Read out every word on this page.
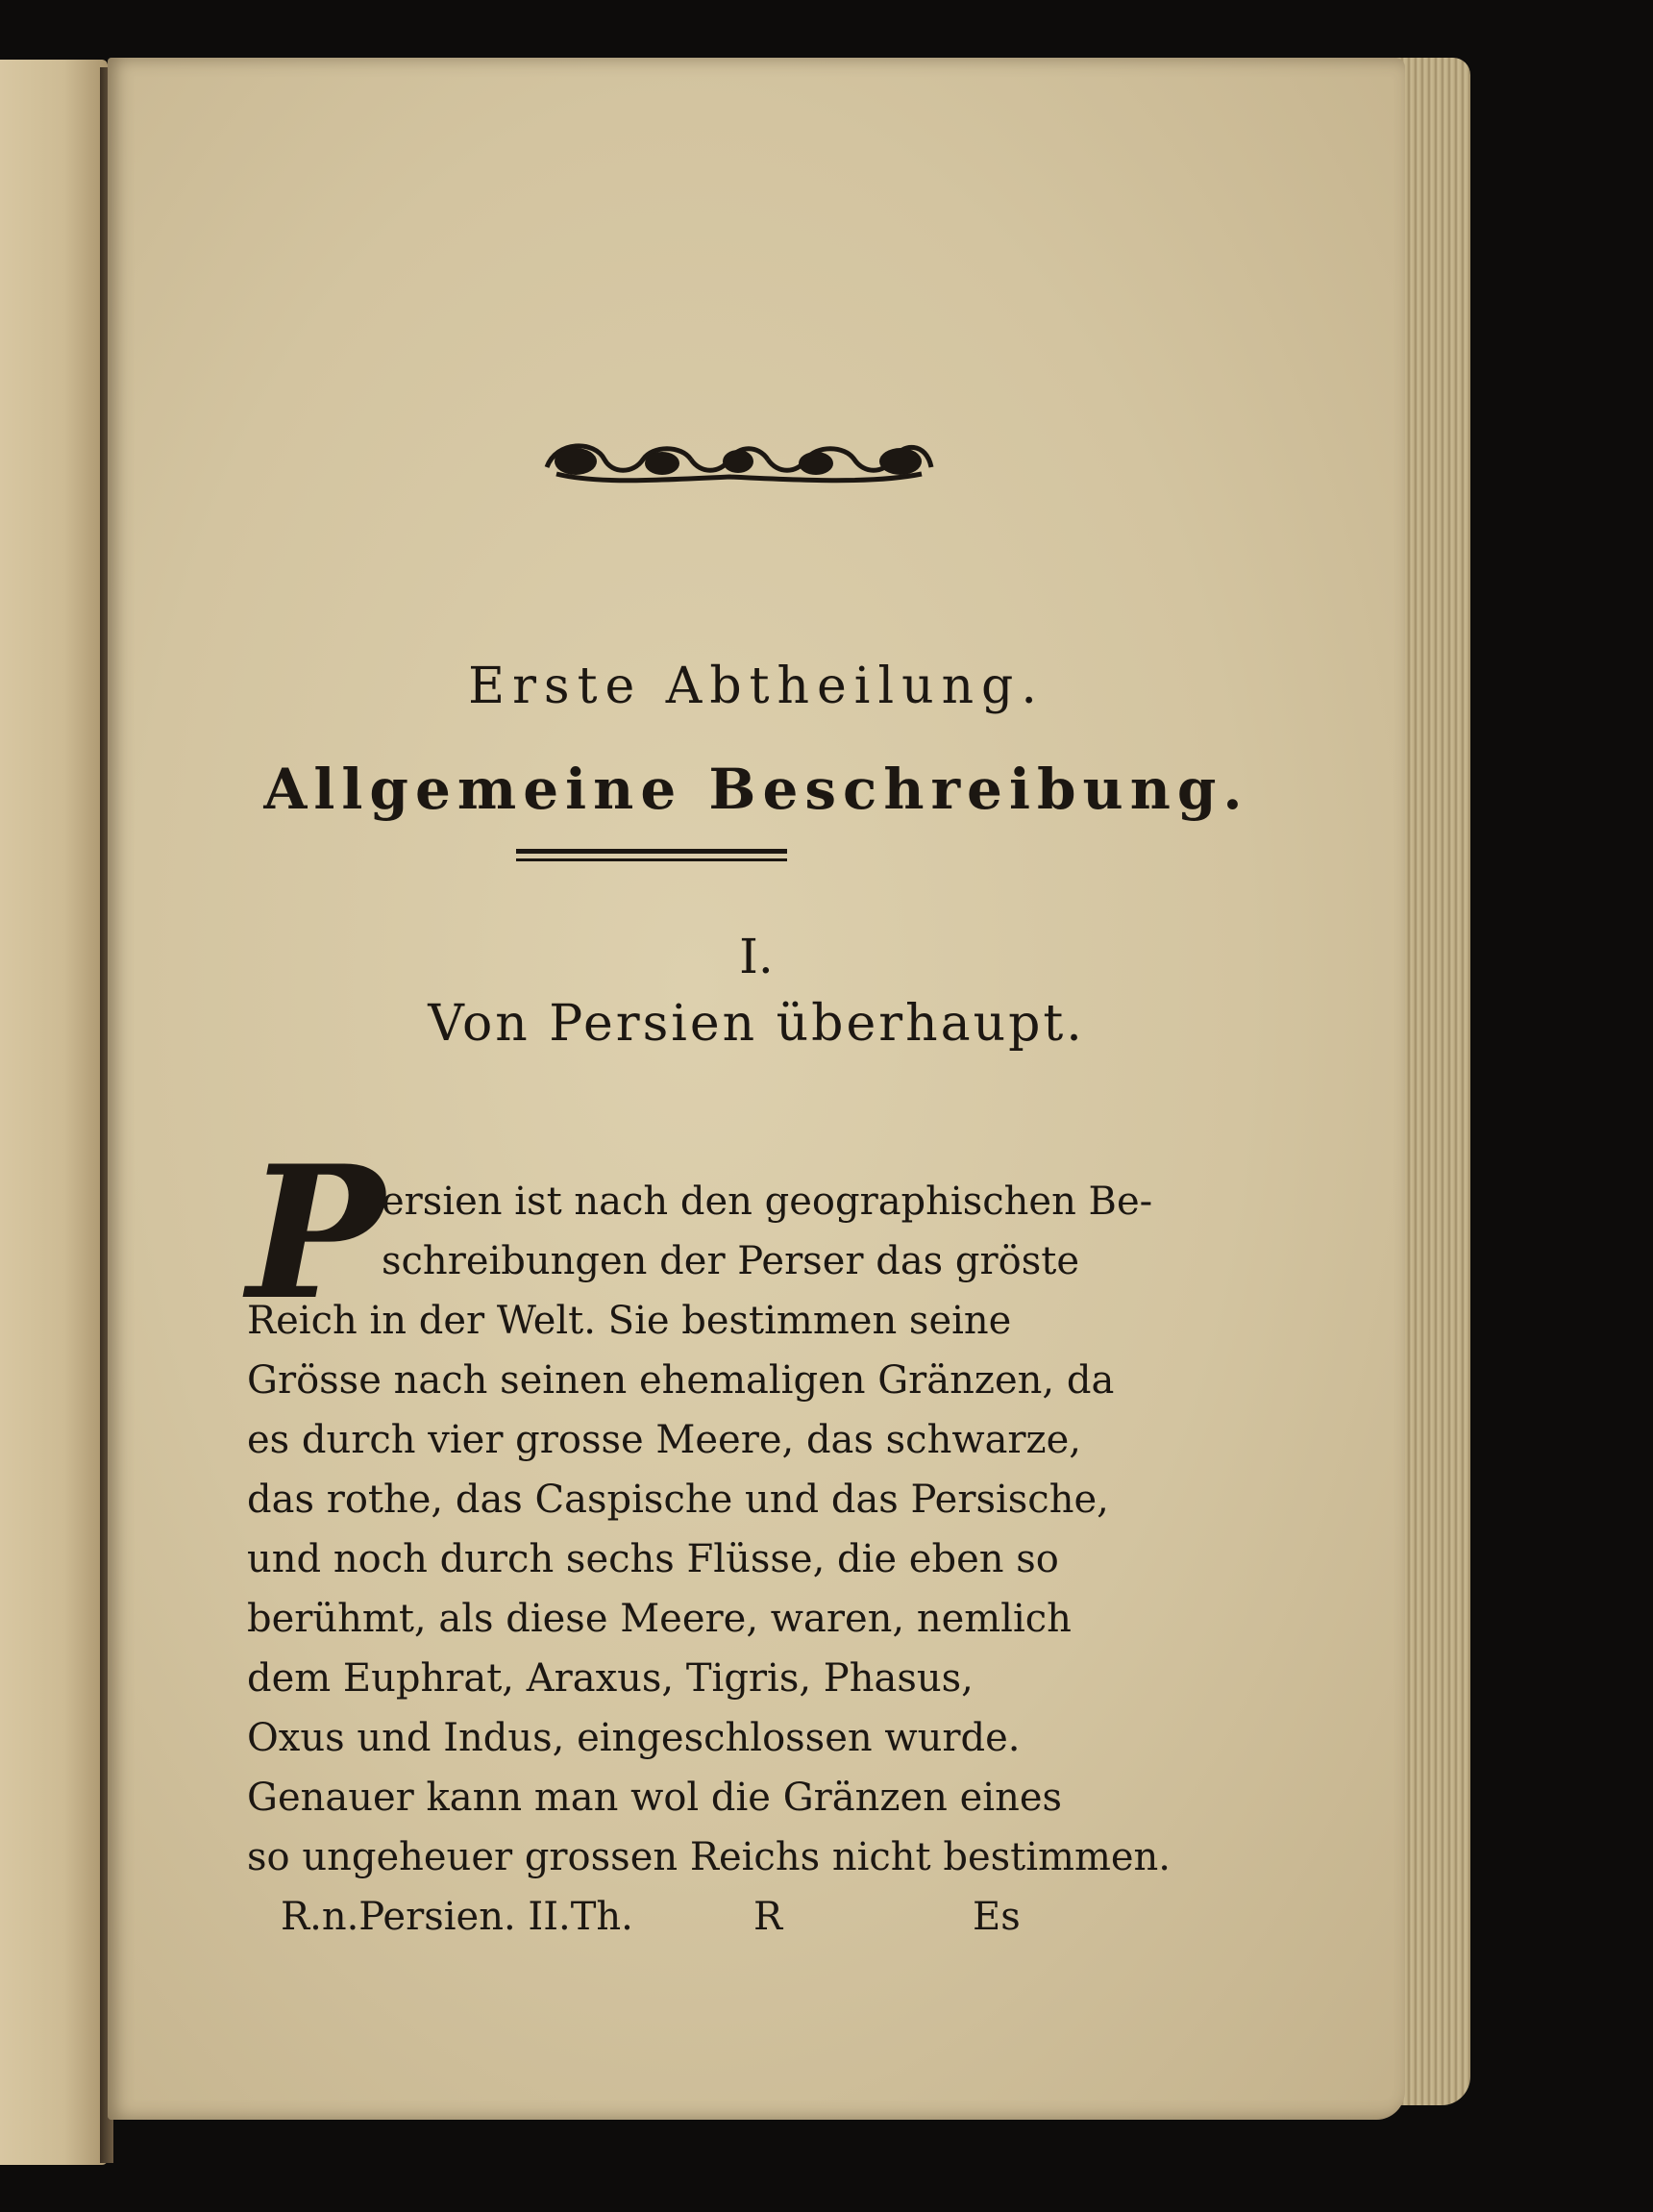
Erste Abtheilung.
Allgemeine Beschreibung.
I.
Von Persien überhaupt.
P
ersien ist nach den geographischen Be-
schreibungen der Perser das gröste
Reich in der Welt. Sie bestimmen seine
Grösse nach seinen ehemaligen Gränzen, da
es durch vier grosse Meere, das schwarze,
das rothe, das Caspische und das Persische,
und noch durch sechs Flüsse, die eben so
berühmt, als diese Meere, waren, nemlich
dem Euphrat, Araxus, Tigris, Phasus,
Oxus und Indus, eingeschlossen wurde.
Genauer kann man wol die Gränzen eines
so ungeheuer grossen Reichs nicht bestimmen.
R.n.Persien. II.Th.	R	Es
